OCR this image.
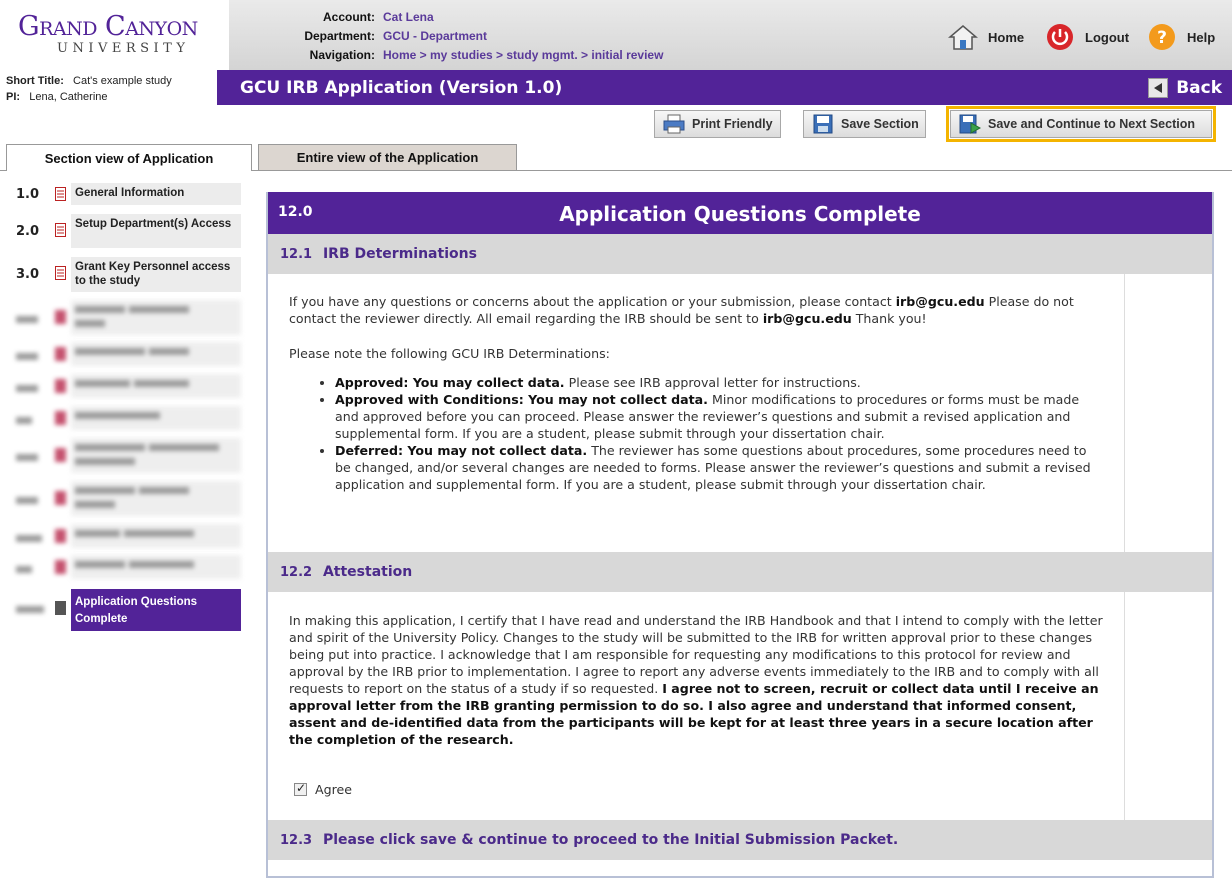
Grand Canyon
UNIVERSITY
Account: Cat Lena
Department: GCU - Department
Navigation: Home > my studies > study mgmt. > initial review
Home	Logout ? Help
Short Title: Cat's example study
PI: Lena, Catherine	GCU IRB Application (Version 1.0)	Back
Print Friendly	Save Section	Save and Continue to Next Section
Section view of Application	Entire view of the Application
1.0	General Information
2.0	Setup Department(s) Access
3.0	Grant Key Personnel access to the study

Application Questions Complete
12.0	Application Questions Complete
12.1 IRB Determinations
If you have any questions or concerns about the application or your submission, please contact irb@gcu.edu Please do not contact the reviewer directly. All email regarding the IRB should be sent to irb@gcu.edu Thank you!
Please note the following GCU IRB Determinations:
• Approved: You may collect data. Please see IRB approval letter for instructions.
• Approved with Conditions: You may not collect data. Minor modifications to procedures or forms must be made and approved before you can proceed. Please answer the reviewer’s questions and submit a revised application and supplemental form. If you are a student, please submit through your dissertation chair.
• Deferred: You may not collect data. The reviewer has some questions about procedures, some procedures need to be changed, and/or several changes are needed to forms. Please answer the reviewer’s questions and submit a revised application and supplemental form. If you are a student, please submit through your dissertation chair.
12.2 Attestation
In making this application, I certify that I have read and understand the IRB Handbook and that I intend to comply with the letter and spirit of the University Policy. Changes to the study will be submitted to the IRB for written approval prior to these changes being put into practice. I acknowledge that I am responsible for requesting any modifications to this protocol for review and approval by the IRB prior to implementation. I agree to report any adverse events immediately to the IRB and to comply with all requests to report on the status of a study if so requested. I agree not to screen, recruit or collect data until I receive an approval letter from the IRB granting permission to do so. I also agree and understand that informed consent, assent and de-identified data from the participants will be kept for at least three years in a secure location after the completion of the research.
✓
Agree
12.3 Please click save & continue to proceed to the Initial Submission Packet.
